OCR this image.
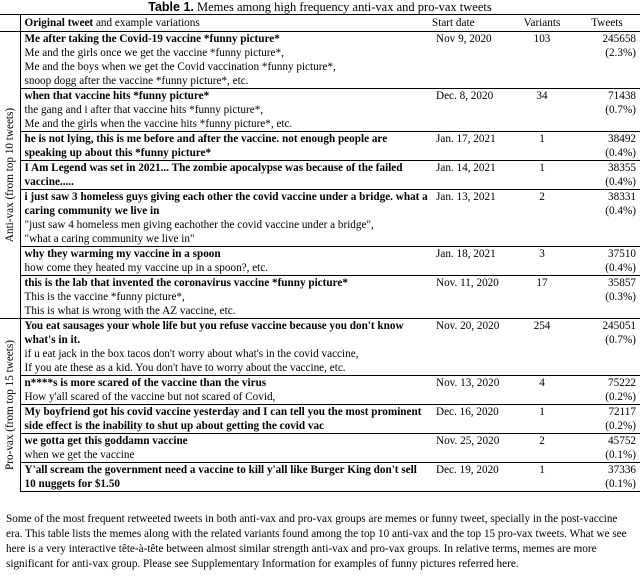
Table 1. Memes among high frequency anti-vax and pro-vax tweets
	Original tweet and example variations	Start date	Variants	Tweets

Anti-vax (from top 10 tweets)	Me after taking the Covid-19 vaccine *funny picture*
Me and the girls once we get the vaccine *funny picture*,
Me and the boys when we get the Covid vaccination *funny picture*,
snoop dogg after the vaccine *funny picture*, etc.	Nov 9, 2020	103	245658
(2.3%)

	when that vaccine hits *funny picture*
the gang and i after that vaccine hits *funny picture*,
Me and the girls when the vaccine hits *funny picture*, etc.	Dec. 8, 2020	34	71438
(0.7%)

	he is not lying, this is me before and after the vaccine. not enough people are speaking up about this *funny picture*	Jan. 17, 2021	1	38492
(0.4%)

	I Am Legend was set in 2021... The zombie apocalypse was because of the failed vaccine.....	Jan. 14, 2021	1	38355
(0.4%)

	i just saw 3 homeless guys giving each other the covid vaccine under a bridge. what a caring community we live in
"just saw 4 homeless men giving eachother the covid vaccine under a bridge",
"what a caring community we live in"	Jan. 13, 2021	2	38331
(0.4%)

	why they warming my vaccine in a spoon
how come they heated my vaccine up in a spoon?, etc.	Jan. 18, 2021	3	37510
(0.4%)

	this is the lab that invented the coronavirus vaccine *funny picture*
This is the vaccine *funny picture*,
This is what is wrong with the AZ vaccine, etc.	Nov. 11, 2020	17	35857
(0.3%)

Pro-vax (from top 15 tweets)	You eat sausages your whole life but you refuse vaccine because you don't know what's in it.
if u eat jack in the box tacos don't worry about what's in the covid vaccine,
If you ate these as a kid. You don't have to worry about the vaccine, etc.	Nov. 20, 2020	254	245051
(0.7%)

	n****s is more scared of the vaccine than the virus
How y'all scared of the vaccine but not scared of Covid,	Nov. 13, 2020	4	75222
(0.2%)

	My boyfriend got his covid vaccine yesterday and I can tell you the most prominent side effect is the inability to shut up about getting the covid vac	Dec. 16, 2020	1	72117
(0.2%)

	we gotta get this goddamn vaccine
when we get the vaccine	Nov. 25, 2020	2	45752
(0.1%)

	Y'all scream the government need a vaccine to kill y'all like Burger King don't sell 10 nuggets for $1.50	Dec. 19, 2020	1	37336
(0.1%)
Some of the most frequent retweeted tweets in both anti-vax and pro-vax groups are memes or funny tweet, specially in the post-vaccine era. This table lists the memes along with the related variants found among the top 10 anti-vax and the top 15 pro-vax tweets. What we see here is a very interactive tête-à-tête between almost similar strength anti-vax and pro-vax groups. In relative terms, memes are more significant for anti-vax group. Please see Supplementary Information for examples of funny pictures referred here.
